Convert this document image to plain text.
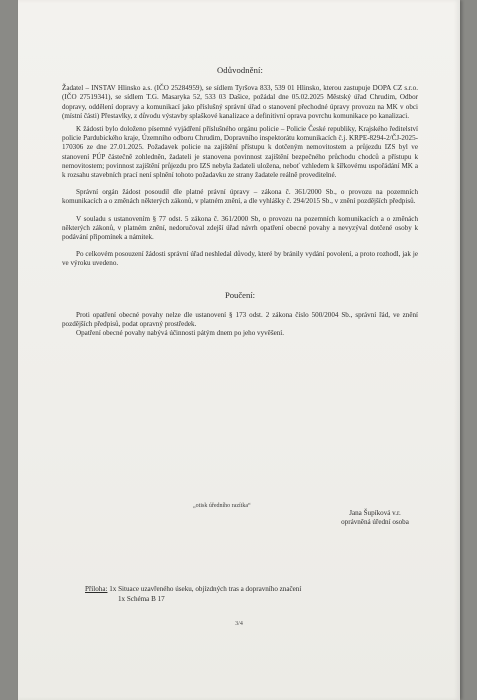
Odůvodnění:

Žadatel – INSTAV Hlinsko a.s. (IČO 25284959), se sídlem Tyršova 833, 539 01 Hlinsko, kterou zastupuje DOPA CZ s.r.o. (IČO 27519341), se sídlem T.G. Masaryka 52, 533 03 Dašice, požádal dne 05.02.2025 Městský úřad Chrudim, Odbor dopravy, oddělení dopravy a komunikací jako příslušný správní úřad o stanovení přechodné úpravy provozu na MK v obci (místní části) Přestavlky, z důvodu výstavby splaškové kanalizace a definitivní oprava povrchu komunikace po kanalizaci.

K žádosti bylo doloženo písemné vyjádření příslušného orgánu policie – Policie České republiky, Krajského ředitelství policie Pardubického kraje, Územního odboru Chrudim, Dopravního inspektorátu komunikacích č.j. KRPE-8294-2/ČJ-2025-170306 ze dne 27.01.2025. Požadavek policie na zajištění přístupu k dotčeným nemovitostem a průjezdu IZS byl ve stanovení PÚP částečně zohledněn, žadateli je stanovena povinnost zajištění bezpečného průchodu chodců a přístupu k nemovitostem; povinnost zajištění průjezdu pro IZS nebyla žadateli uložena, neboť vzhledem k šířkovému uspořádání MK a k rozsahu stavebních prací není splnění tohoto požadavku ze strany žadatele reálně proveditelné.

Správní orgán žádost posoudil dle platné právní úpravy – zákona č. 361/2000 Sb., o provozu na pozemních komunikacích a o změnách některých zákonů, v platném znění, a dle vyhlášky č. 294/2015 Sb., v znění pozdějších předpisů.

V souladu s ustanovením § 77 odst. 5 zákona č. 361/2000 Sb, o provozu na pozemních komunikacích a o změnách některých zákonů, v platném znění, nedoručoval zdejší úřad návrh opatření obecné povahy a nevyzýval dotčené osoby k podávání připomínek a námitek.

Po celkovém posouzení žádosti správní úřad neshledal důvody, které by bránily vydání povolení, a proto rozhodl, jak je ve výroku uvedeno.

Poučení:

Proti opatření obecné povahy nelze dle ustanovení § 173 odst. 2 zákona číslo 500/2004 Sb., správní řád, ve znění pozdějších předpisů, podat opravný prostředek.

Opatření obecné povahy nabývá účinnosti pátým dnem po jeho vyvěšení.

„otisk úředního razítka“
Jana Šupíková v.r.
oprávněná úřední osoba
Příloha: 1x Situace uzavřeného úseku, objízdných tras a dopravního značení
1x Schéma B 17
3/4
